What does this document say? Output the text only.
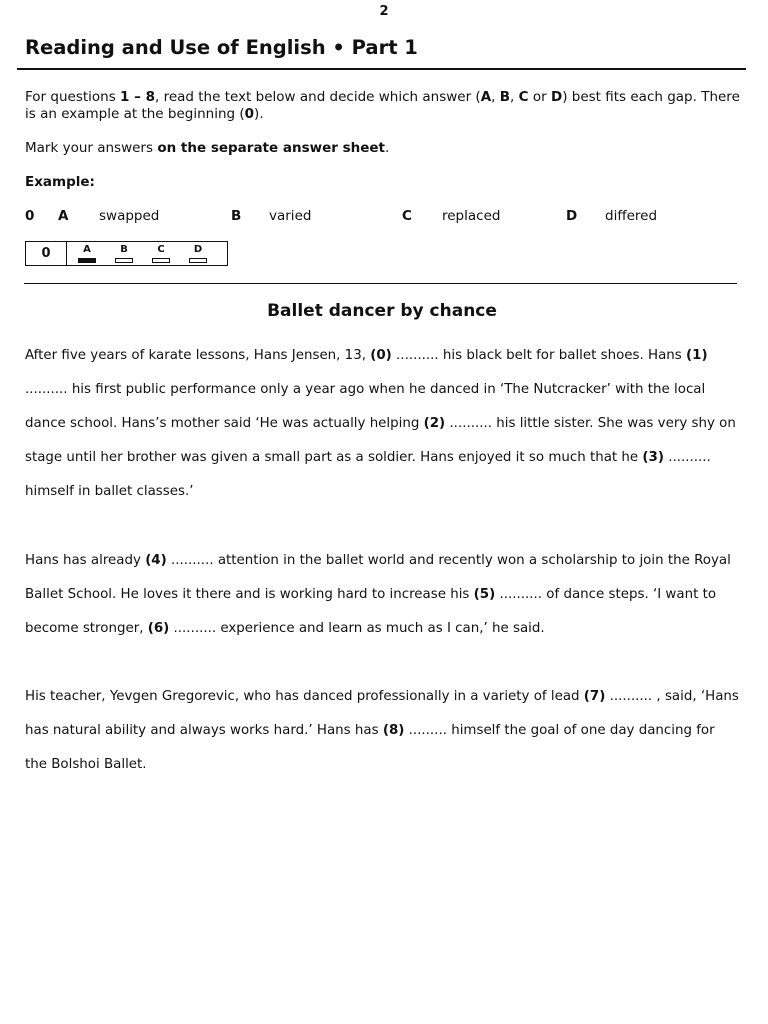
2
Reading and Use of English • Part 1

For questions 1 – 8, read the text below and decide which answer (A, B, C or D) best fits each gap. There is an example at the beginning (0).

Mark your answers on the separate answer sheet.

Example:

0 A swapped	B varied	C replaced	D differed
0	A	B	C	D
Ballet dancer by chance

After five years of karate lessons, Hans Jensen, 13, (0) .......... his black belt for ballet shoes. Hans (1) .......... his first public performance only a year ago when he danced in ‘The Nutcracker’ with the local dance school. Hans’s mother said ‘He was actually helping (2) .......... his little sister. She was very shy on stage until her brother was given a small part as a soldier. Hans enjoyed it so much that he (3) .......... himself in ballet classes.’

Hans has already (4) .......... attention in the ballet world and recently won a scholarship to join the Royal Ballet School. He loves it there and is working hard to increase his (5) .......... of dance steps. ‘I want to become stronger, (6) .......... experience and learn as much as I can,’ he said.

His teacher, Yevgen Gregorevic, who has danced professionally in a variety of lead (7) .......... , said, ‘Hans has natural ability and always works hard.’ Hans has (8) ......... himself the goal of one day dancing for the Bolshoi Ballet.
